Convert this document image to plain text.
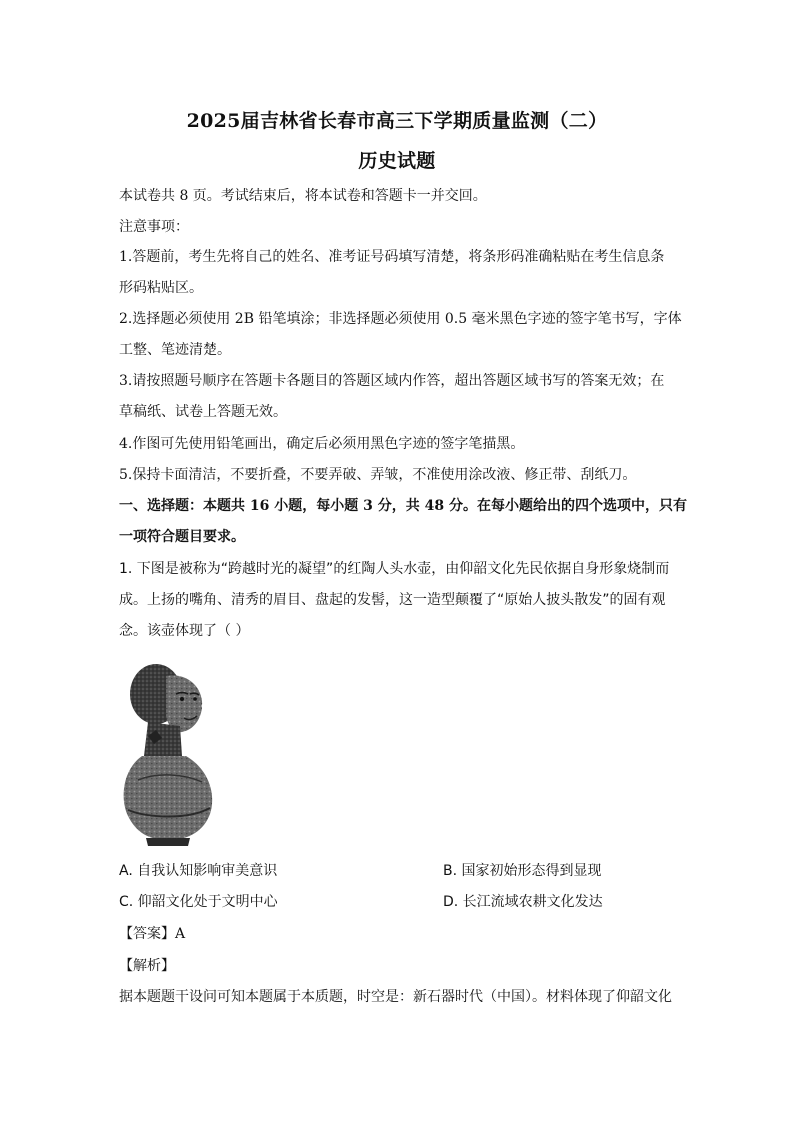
2025届吉林省长春市高三下学期质量监测（二）
历史试题
本试卷共 8 页。考试结束后，将本试卷和答题卡一并交回。
注意事项：
1.答题前，考生先将自己的姓名、准考证号码填写清楚，将条形码准确粘贴在考生信息条
形码粘贴区。
2.选择题必须使用 2B 铅笔填涂；非选择题必须使用 0.5 毫米黑色字迹的签字笔书写，字体
工整、笔迹清楚。
3.请按照题号顺序在答题卡各题目的答题区域内作答，超出答题区域书写的答案无效；在
草稿纸、试卷上答题无效。
4.作图可先使用铅笔画出，确定后必须用黑色字迹的签字笔描黑。
5.保持卡面清洁，不要折叠，不要弄破、弄皱，不准使用涂改液、修正带、刮纸刀。
一、选择题：本题共 16 小题，每小题 3 分，共 48 分。在每小题给出的四个选项中，只有
一项符合题目要求。
1. 下图是被称为“跨越时光的凝望”的红陶人头水壶，由仰韶文化先民依据自身形象烧制而
成。上扬的嘴角、清秀的眉目、盘起的发髻，这一造型颠覆了“原始人披头散发”的固有观
念。该壶体现了（ ）
A. 自我认知影响审美意识	B. 国家初始形态得到显现
C. 仰韶文化处于文明中心	D. 长江流域农耕文化发达
【答案】A
【解析】
据本题题干设问可知本题属于本质题，时空是：新石器时代（中国）。材料体现了仰韶文化
